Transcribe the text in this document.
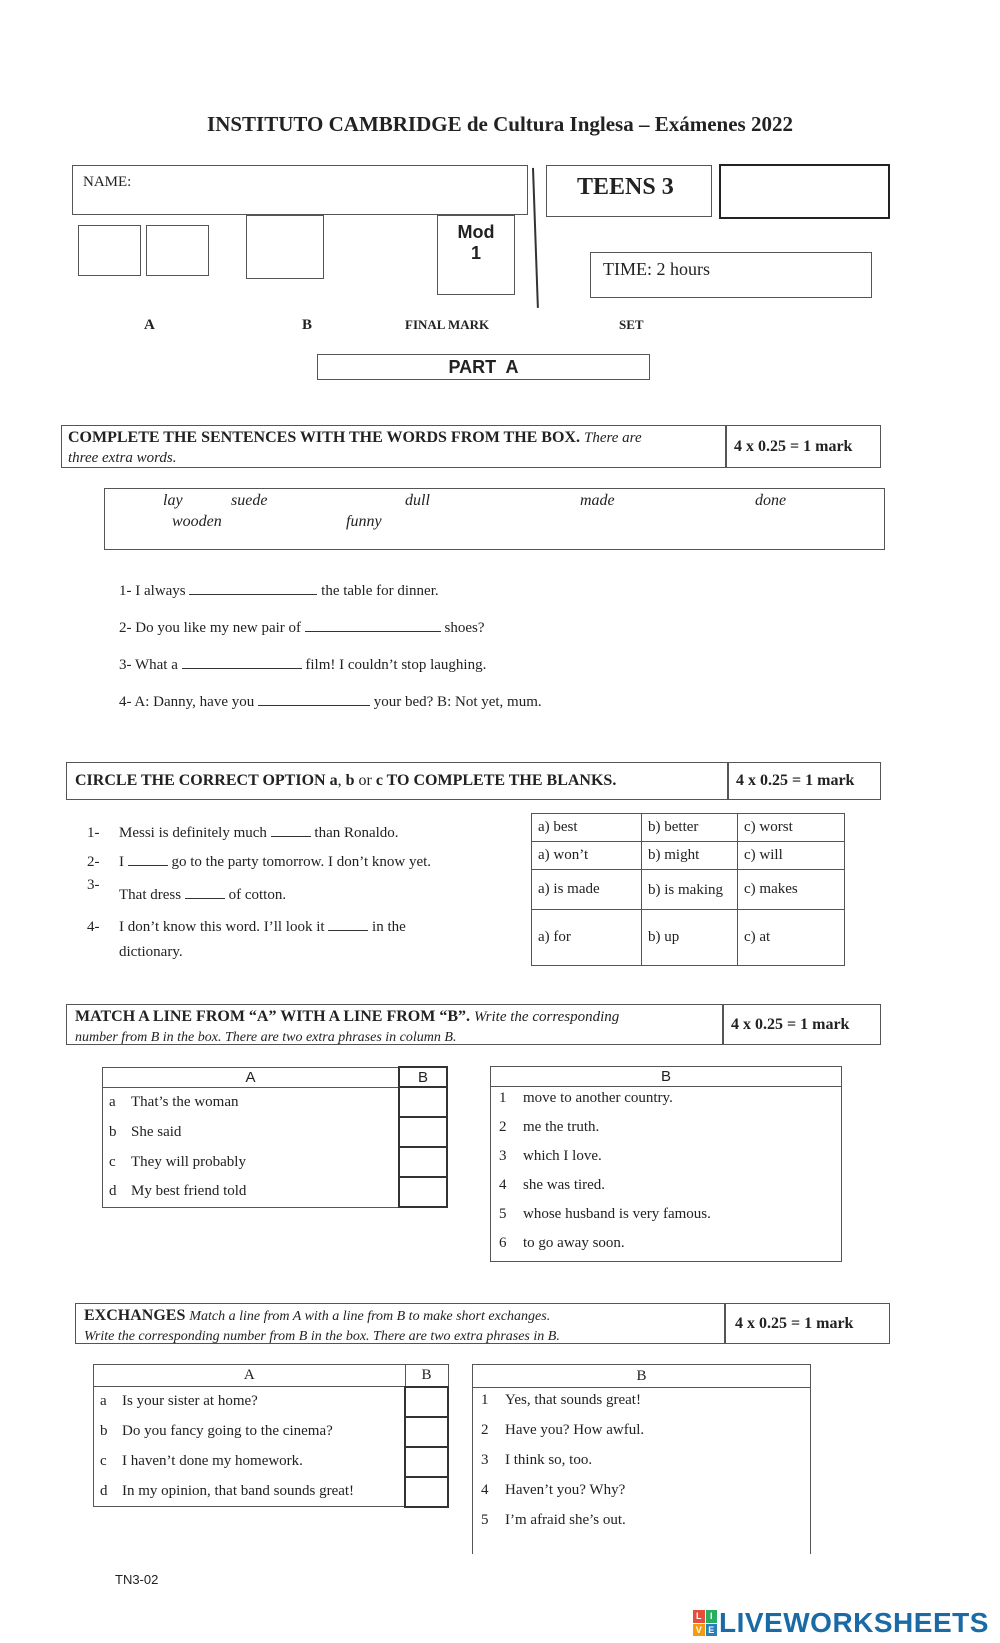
INSTITUTO CAMBRIDGE de Cultura Inglesa – Exámenes 2022
NAME:
Mod
1
TEENS 3
TIME: 2 hours
A	B	FINAL MARK	SET
PART  A
COMPLETE THE SENTENCES WITH THE WORDS FROM THE BOX. There are
three extra words.
4 x 0.25 = 1 mark
lay	suede	dull	made	done
wooden	funny
1- I always	the table for dinner.
2- Do you like my new pair of	shoes?
3- What a	film! I couldn’t stop laughing.
4- A: Danny, have you	your bed? B: Not yet, mum.
CIRCLE THE CORRECT OPTION a, b or c TO COMPLETE THE BLANKS.	4 x 0.25 = 1 mark
1- Messi is definitely much	than Ronaldo.
2- I	go to the party tomorrow. I don’t know yet.
3-
That dress	of cotton.
4- I don’t know this word. I’ll look it	in the
dictionary.
a) best	b) better	c) worst
a) won’t	b) might	c) will
a) is made	b) is making	c) makes
a) for	b) up	c) at
MATCH A LINE FROM “A” WITH A LINE FROM “B”. Write the corresponding
number from B in the box. There are two extra phrases in column B.
4 x 0.25 = 1 mark
A	B
a That’s the woman	
b She said	
c They will probably	
d My best friend told	
B

1 move to another country.
2 me the truth.
3 which I love.
4 she was tired.
5 whose husband is very famous.
6 to go away soon.
EXCHANGES Match a line from A with a line from B to make short exchanges.
Write the corresponding number from B in the box. There are two extra phrases in B.
4 x 0.25 = 1 mark
A	B
a Is your sister at home?	
b Do you fancy going to the cinema?	
c I haven’t done my homework.	
d In my opinion, that band sounds great!	
B
1 Yes, that sounds great!
2 Have you? How awful.
3 I think so, too.
4 Haven’t you? Why?
5 I’m afraid she’s out.
TN3-02
L I
V E LIVEWORKSHEETS
